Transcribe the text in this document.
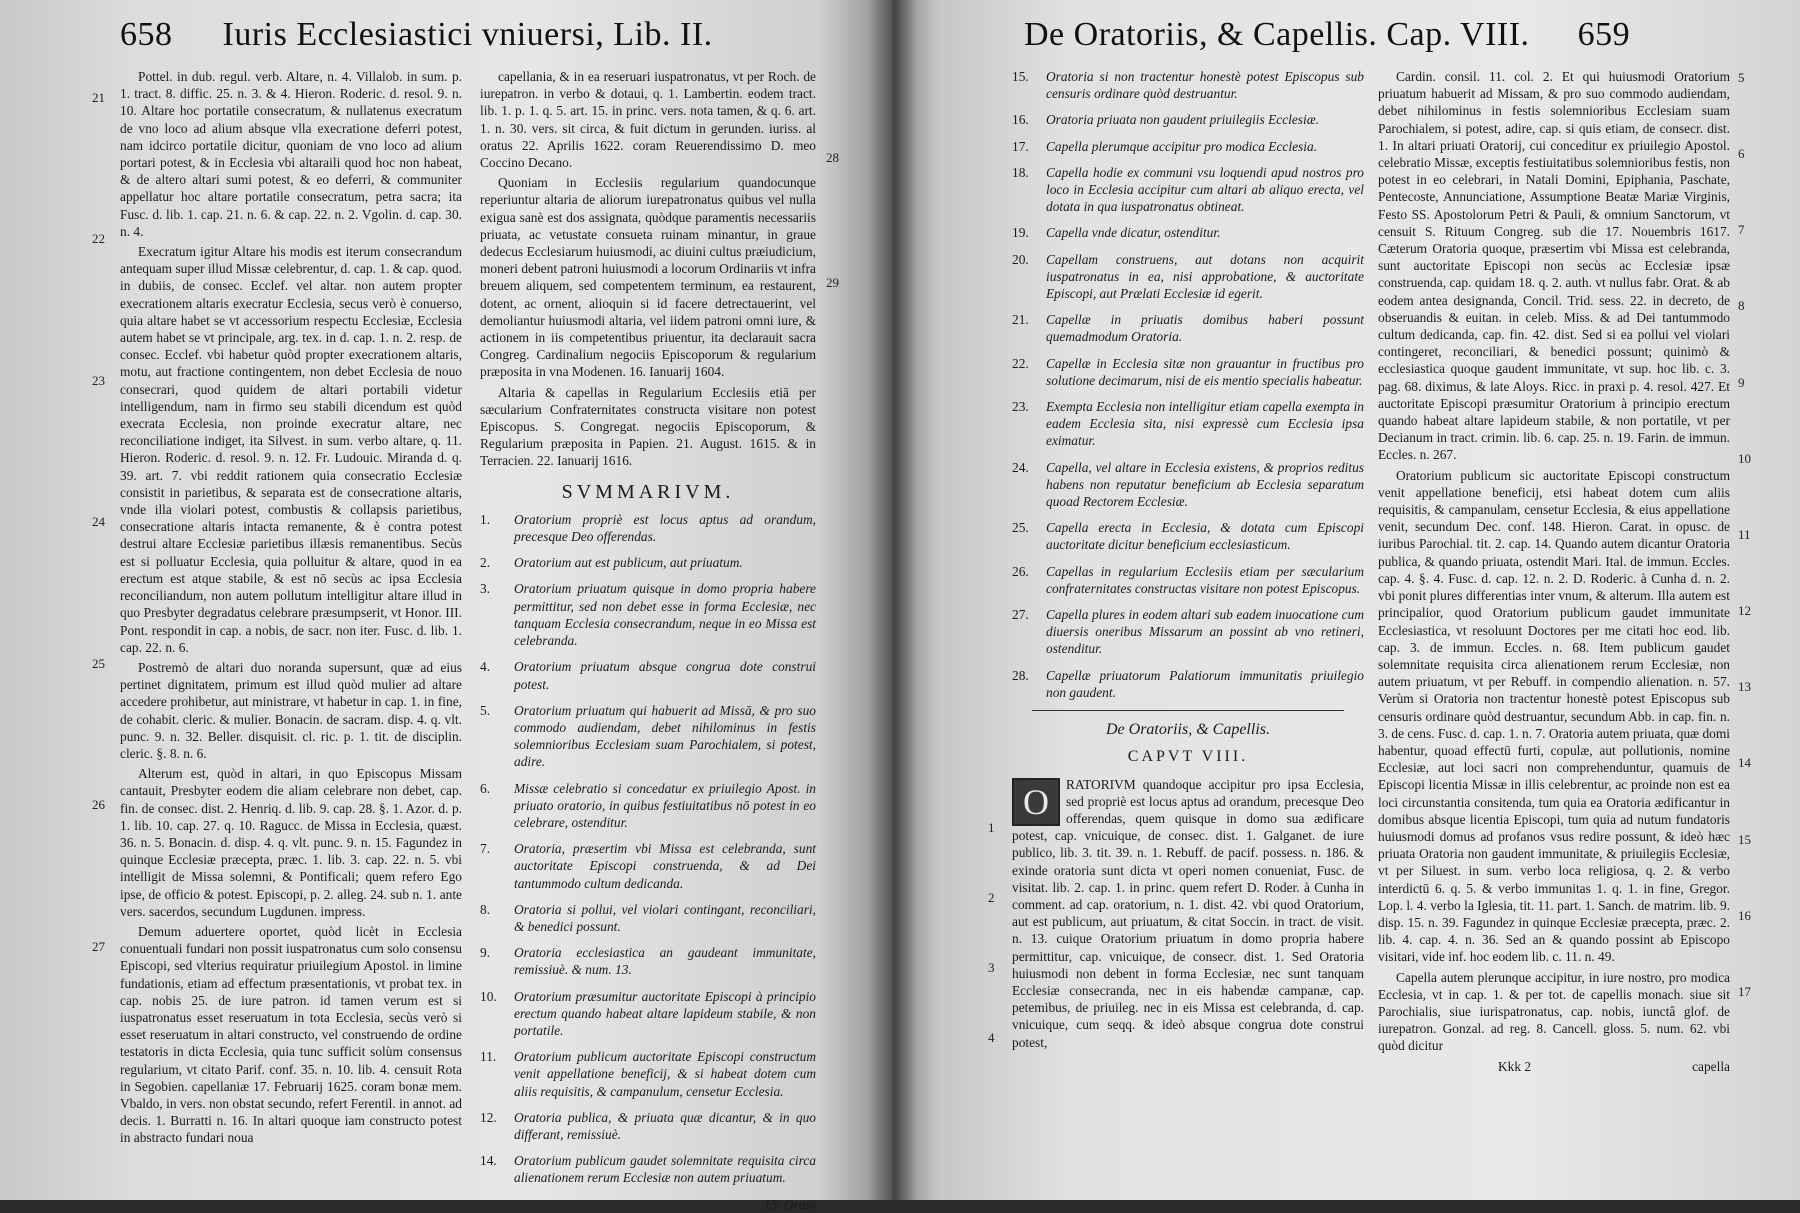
658 Iuris Ecclesiastici vniuersi, Lib. II.

Pottel. in dub. regul. verb. Altare, n. 4. Villalob. in sum. p. 1. tract. 8. diffic. 25. n. 3. & 4. Hieron. Roderic. d. resol. 9. n. 10. Altare hoc portatile consecratum, & nullatenus execratum de vno loco ad alium absque vlla execratione deferri potest, nam idcirco portatile dicitur, quoniam de vno loco ad alium portari potest, & in Ecclesia vbi altaraili quod hoc non habeat, & de altero altari sumi potest, & eo deferri, & communiter appellatur hoc altare portatile consecratum, petra sacra; ita Fusc. d. lib. 1. cap. 21. n. 6. & cap. 22. n. 2. Vgolin. d. cap. 30. n. 4.

Execratum igitur Altare his modis est iterum consecrandum antequam super illud Missæ celebrentur, d. cap. 1. & cap. quod. in dubiis, de consec. Ecclef. vel altar. non autem propter execrationem altaris execratur Ecclesia, secus verò è conuerso, quia altare habet se vt accessorium respectu Ecclesiæ, Ecclesia autem habet se vt principale, arg. tex. in d. cap. 1. n. 2. resp. de consec. Ecclef. vbi habetur quòd propter execrationem altaris, motu, aut fractione contingentem, non debet Ecclesia de nouo consecrari, quod quidem de altari portabili videtur intelligendum, nam in firmo seu stabili dicendum est quòd execrata Ecclesia, non proinde execratur altare, nec reconciliatione indiget, ita Silvest. in sum. verbo altare, q. 11. Hieron. Roderic. d. resol. 9. n. 12. Fr. Ludouic. Miranda d. q. 39. art. 7. vbi reddit rationem quia consecratio Ecclesiæ consistit in parietibus, & separata est de consecratione altaris, vnde illa violari potest, combustis & collapsis parietibus, consecratione altaris intacta remanente, & è contra potest destrui altare Ecclesiæ parietibus illæsis remanentibus. Secùs est si polluatur Ecclesia, quia polluitur & altare, quod in ea erectum est atque stabile, & est nō secùs ac ipsa Ecclesia reconciliandum, non autem pollutum intelligitur altare illud in quo Presbyter degradatus celebrare præsumpserit, vt Honor. III. Pont. respondit in cap. a nobis, de sacr. non iter. Fusc. d. lib. 1. cap. 22. n. 6.

Postremò de altari duo noranda supersunt, quæ ad eius pertinet dignitatem, primum est illud quòd mulier ad altare accedere prohibetur, aut ministrare, vt habetur in cap. 1. in fine, de cohabit. cleric. & mulier. Bonacin. de sacram. disp. 4. q. vlt. punc. 9. n. 32. Beller. disquisit. cl. ric. p. 1. tit. de disciplin. cleric. §. 8. n. 6.

Alterum est, quòd in altari, in quo Episcopus Missam cantauit, Presbyter eodem die aliam celebrare non debet, cap. fin. de consec. dist. 2. Henriq. d. lib. 9. cap. 28. §. 1. Azor. d. p. 1. lib. 10. cap. 27. q. 10. Ragucc. de Missa in Ecclesia, quæst. 36. n. 5. Bonacin. d. disp. 4. q. vlt. punc. 9. n. 15. Fagundez in quinque Ecclesiæ præcepta, præc. 1. lib. 3. cap. 22. n. 5. vbi intelligit de Missa solemni, & Pontificali; quem refero Ego ipse, de officio & potest. Episcopi, p. 2. alleg. 24. sub n. 1. ante vers. sacerdos, secundum Lugdunen. impress.

Demum aduertere oportet, quòd licèt in Ecclesia conuentuali fundari non possit iuspatronatus cum solo consensu Episcopi, sed vlterius requiratur priuilegium Apostol. in limine fundationis, etiam ad effectum præsentationis, vt probat tex. in cap. nobis 25. de iure patron. id tamen verum est si iuspatronatus esset reseruatum in tota Ecclesia, secùs verò si esset reseruatum in altari constructo, vel construendo de ordine testatoris in dicta Ecclesia, quia tunc sufficit solùm consensus regularium, vt citato Parif. conf. 35. n. 10. lib. 4. censuit Rota in Segobien. capellaniæ 17. Februarij 1625. coram bonæ mem. Vbaldo, in vers. non obstat secundo, refert Ferentil. in annot. ad decis. 1. Burratti n. 16. In altari quoque iam constructo potest in abstracto fundari noua

capellania, & in ea reseruari iuspatronatus, vt per Roch. de iurepatron. in verbo & dotaui, q. 1. Lambertin. eodem tract. lib. 1. p. 1. q. 5. art. 15. in princ. vers. nota tamen, & q. 6. art. 1. n. 30. vers. sit circa, & fuit dictum in gerunden. iuriss. al oratus 22. Aprilis 1622. coram Reuerendissimo D. meo Coccino Decano.

Quoniam in Ecclesiis regularium quandocunque reperiuntur altaria de aliorum iurepatronatus quibus vel nulla exigua sanè est dos assignata, quòdque paramentis necessariis priuata, ac vetustate consueta ruinam minantur, in graue dedecus Ecclesiarum huiusmodi, ac diuini cultus præiudicium, moneri debent patroni huiusmodi a locorum Ordinariis vt infra breuem aliquem, sed competentem terminum, ea restaurent, dotent, ac ornent, alioquin si id facere detrectauerint, vel demoliantur huiusmodi altaria, vel iidem patroni omni iure, & actionem in iis competentibus priuentur, ita declarauit sacra Congreg. Cardinalium negociis Episcoporum & regularium præposita in vna Modenen. 16. Ianuarij 1604.

Altaria & capellas in Regularium Ecclesiis etiā per sæcularium Confraternitates constructa visitare non potest Episcopus. S. Congregat. negociis Episcoporum, & Regularium præposita in Papien. 21. August. 1615. & in Terracien. 22. Ianuarij 1616.

SVMMARIVM.
1.	Oratorium propriè est locus aptus ad orandum, precesque Deo offerendas.
2.	Oratorium aut est publicum, aut priuatum.
3.	Oratorium priuatum quisque in domo propria habere permittitur, sed non debet esse in forma Ecclesiæ, nec tanquam Ecclesia consecrandum, neque in eo Missa est celebranda.
4.	Oratorium priuatum absque congrua dote construi potest.
5.	Oratorium priuatum qui habuerit ad Missā, & pro suo commodo audiendam, debet nihilominus in festis solemnioribus Ecclesiam suam Parochialem, si potest, adire.
6.	Missæ celebratio si concedatur ex priuilegio Apost. in priuato oratorio, in quibus festiuitatibus nō potest in eo celebrare, ostenditur.
7.	Oratoria, præsertim vbi Missa est celebranda, sunt auctoritate Episcopi construenda, & ad Dei tantummodo cultum dedicanda.
8.	Oratoria si pollui, vel violari contingant, reconciliari, & benedici possunt.
9.	Oratoria ecclesiastica an gaudeant immunitate, remissiuè. & num. 13.
10.	Oratorium præsumitur auctoritate Episcopi à principio erectum quando habeat altare lapideum stabile, & non portatile.
11.	Oratorium publicum auctoritate Episcopi constructum venit appellatione beneficij, & si habeat dotem cum aliis requisitis, & campanulum, censetur Ecclesia.
12.	Oratoria publica, & priuata quæ dicantur, & in quo differant, remissiuè.
14.	Oratorium publicum gaudet solemnitate requisita circa alienationem rerum Ecclesiæ non autem priuatum.
15. Orato
21
22
23
24
25
26
27
28
29
De Oratoriis, & Capellis. Cap. VIII. 659
15.	Oratoria si non tractentur honestè potest Episcopus sub censuris ordinare quòd destruantur.
16.	Oratoria priuata non gaudent priuilegiis Ecclesiæ.
17.	Capella plerumque accipitur pro modica Ecclesia.
18.	Capella hodie ex communi vsu loquendi apud nostros pro loco in Ecclesia accipitur cum altari ab aliquo erecta, vel dotata in qua iuspatronatus obtineat.
19.	Capella vnde dicatur, ostenditur.
20.	Capellam construens, aut dotans non acquirit iuspatronatus in ea, nisi approbatione, & auctoritate Episcopi, aut Prælati Ecclesiæ id egerit.
21.	Capellæ in priuatis domibus haberi possunt quemadmodum Oratoria.
22.	Capellæ in Ecclesia sitæ non grauantur in fructibus pro solutione decimarum, nisi de eis mentio specialis habeatur.
23.	Exempta Ecclesia non intelligitur etiam capella exempta in eadem Ecclesia sita, nisi expressè cum Ecclesia ipsa eximatur.
24.	Capella, vel altare in Ecclesia existens, & proprios reditus habens non reputatur beneficium ab Ecclesia separatum quoad Rectorem Ecclesiæ.
25.	Capella erecta in Ecclesia, & dotata cum Episcopi auctoritate dicitur beneficium ecclesiasticum.
26.	Capellas in regularium Ecclesiis etiam per sæcularium confraternitates constructas visitare non potest Episcopus.
27.	Capella plures in eodem altari sub eadem inuocatione cum diuersis oneribus Missarum an possint ab vno retineri, ostenditur.
28.	Capellæ priuatorum Palatiorum immunitatis priuilegio non gaudent.
De Oratoriis, & Capellis.
CAPVT VIII.
O	RATORIVM quandoque accipitur pro ipsa Ecclesia, sed propriè est locus aptus ad orandum, precesque Deo offerendas, quem quisque in domo sua ædificare potest, cap. vnicuique, de consec. dist. 1. Galganet. de iure publico, lib. 3. tit. 39. n. 1. Rebuff. de pacif. possess. n. 186. & exinde oratoria sunt dicta vt operi nomen conueniat, Fusc. de visitat. lib. 2. cap. 1. in princ. quem refert D. Roder. à Cunha in comment. ad cap. oratorium, n. 1. dist. 42. vbi quod Oratorium, aut est publicum, aut priuatum, & citat Soccin. in tract. de visit. n. 13. cuique Oratorium priuatum in domo propria habere permittitur, cap. vnicuique, de consecr. dist. 1. Sed Oratoria huiusmodi non debent in forma Ecclesiæ, nec sunt tanquam Ecclesiæ consecranda, nec in eis habendæ campanæ, cap. petemibus, de priuileg. nec in eis Missa est celebranda, d. cap. vnicuique, cum seqq. & ideò absque congrua dote construi potest,

Cardin. consil. 11. col. 2. Et qui huiusmodi Oratorium priuatum habuerit ad Missam, & pro suo commodo audiendam, debet nihilominus in festis solemnioribus Ecclesiam suam Parochialem, si potest, adire, cap. si quis etiam, de consecr. dist. 1. In altari priuati Oratorij, cui conceditur ex priuilegio Apostol. celebratio Missæ, exceptis festiuitatibus solemnioribus festis, non potest in eo celebrari, in Natali Domini, Epiphania, Paschate, Pentecoste, Annunciatione, Assumptione Beatæ Mariæ Virginis, Festo SS. Apostolorum Petri & Pauli, & omnium Sanctorum, vt censuit S. Rituum Congreg. sub die 17. Nouembris 1617. Cæterum Oratoria quoque, præsertim vbi Missa est celebranda, sunt auctoritate Episcopi non secùs ac Ecclesiæ ipsæ construenda, cap. quidam 18. q. 2. auth. vt nullus fabr. Orat. & ab eodem antea designanda, Concil. Trid. sess. 22. in decreto, de obseruandis & euitan. in celeb. Miss. & ad Dei tantummodo cultum dedicanda, cap. fin. 42. dist. Sed si ea pollui vel violari contingeret, reconciliari, & benedici possunt; quinimò & ecclesiastica quoque gaudent immunitate, vt sup. hoc lib. c. 3. pag. 68. diximus, & late Aloys. Ricc. in praxi p. 4. resol. 427. Et auctoritate Episcopi præsumitur Oratorium à principio erectum quando habeat altare lapideum stabile, & non portatile, vt per Decianum in tract. crimin. lib. 6. cap. 25. n. 19. Farin. de immun. Eccles. n. 267.

Oratorium publicum sic auctoritate Episcopi constructum venit appellatione beneficij, etsi habeat dotem cum aliis requisitis, & campanulam, censetur Ecclesia, & eius appellatione venit, secundum Dec. conf. 148. Hieron. Carat. in opusc. de iuribus Parochial. tit. 2. cap. 14. Quando autem dicantur Oratoria publica, & quando priuata, ostendit Mari. Ital. de immun. Eccles. cap. 4. §. 4. Fusc. d. cap. 12. n. 2. D. Roderic. à Cunha d. n. 2. vbi ponit plures differentias inter vnum, & alterum. Illa autem est principalior, quod Oratorium publicum gaudet immunitate Ecclesiastica, vt resoluunt Doctores per me citati hoc eod. lib. cap. 3. de immun. Eccles. n. 68. Item publicum gaudet solemnitate requisita circa alienationem rerum Ecclesiæ, non autem priuatum, vt per Rebuff. in compendio alienation. n. 57. Verùm si Oratoria non tractentur honestè potest Episcopus sub censuris ordinare quòd destruantur, secundum Abb. in cap. fin. n. 3. de cens. Fusc. d. cap. 1. n. 7. Oratoria autem priuata, quæ domi habentur, quoad effectū furti, copulæ, aut pollutionis, nomine Ecclesiæ, aut loci sacri non comprehenduntur, quamuis de Episcopi licentia Missæ in illis celebrentur, ac proinde non est ea loci circunstantia consitenda, tum quia ea Oratoria ædificantur in domibus absque licentia Episcopi, tum quia ad nutum fundatoris huiusmodi domus ad profanos vsus redire possunt, & ideò hæc priuata Oratoria non gaudent immunitate, & priuilegiis Ecclesiæ, vt per Siluest. in sum. verbo loca religiosa, q. 2. & verbo interdictū 6. q. 5. & verbo immunitas 1. q. 1. in fine, Gregor. Lop. l. 4. verbo la Iglesia, tit. 11. part. 1. Sanch. de matrim. lib. 9. disp. 15. n. 39. Fagundez in quinque Ecclesiæ præcepta, præc. 2. lib. 4. cap. 4. n. 36. Sed an & quando possint ab Episcopo visitari, vide inf. hoc eodem lib. c. 11. n. 49.

Capella autem plerunque accipitur, in iure nostro, pro modica Ecclesia, vt in cap. 1. & per tot. de capellis monach. siue sit Parochialis, siue iurispatronatus, cap. nobis, iunctâ glof. de iurepatron. Gonzal. ad reg. 8. Cancell. gloss. 5. num. 62. vbi quòd dicitur

Kkk 2	capella
1
2
3
4
5
6
7
8
9
10
11
12
13
14
15
16
17
